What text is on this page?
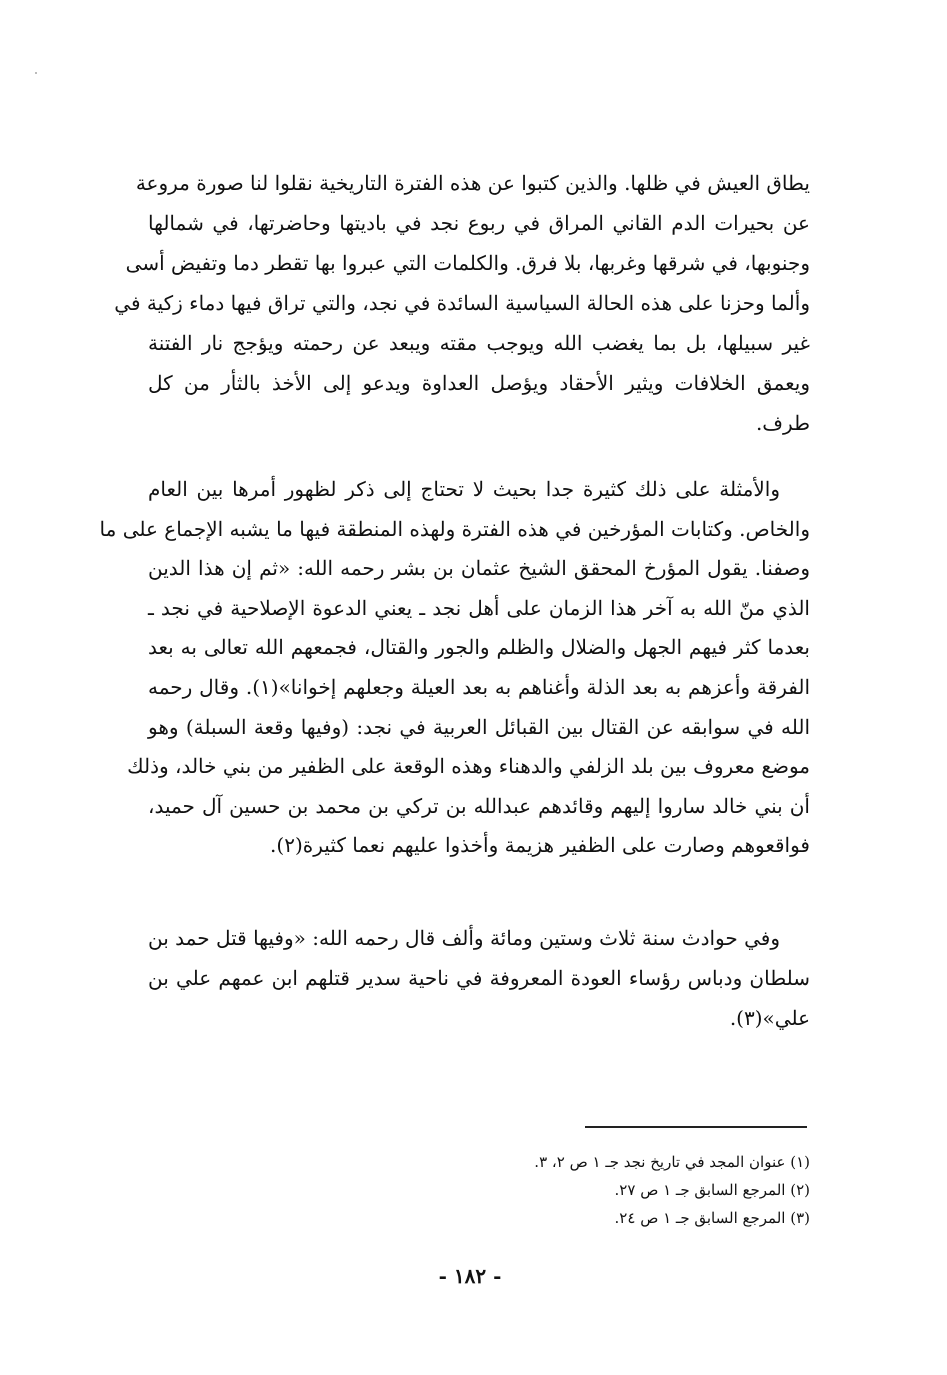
يطاق العيش في ظلها. والذين كتبوا عن هذه الفترة التاريخية نقلوا لنا صورة مروعة
عن بحيرات الدم القاني المراق في ربوع نجد في باديتها وحاضرتها، في شمالها
وجنوبها، في شرقها وغربها، بلا فرق. والكلمات التي عبروا بها تقطر دما وتفيض أسى
وألما وحزنا على هذه الحالة السياسية السائدة في نجد، والتي تراق فيها دماء زكية في
غير سبيلها، بل بما يغضب الله ويوجب مقته ويبعد عن رحمته ويؤجج نار الفتنة
ويعمق الخلافات ويثير الأحقاد ويؤصل العداوة ويدعو إلى الأخذ بالثأر من كل
طرف.
والأمثلة على ذلك كثيرة جدا بحيث لا تحتاج إلى ذكر لظهور أمرها بين العام
والخاص. وكتابات المؤرخين في هذه الفترة ولهذه المنطقة فيها ما يشبه الإجماع على ما
وصفنا. يقول المؤرخ المحقق الشيخ عثمان بن بشر رحمه الله: «ثم إن هذا الدين
الذي منّ الله به آخر هذا الزمان على أهل نجد ـ يعني الدعوة الإصلاحية في نجد ـ
بعدما كثر فيهم الجهل والضلال والظلم والجور والقتال، فجمعهم الله تعالى به بعد
الفرقة وأعزهم به بعد الذلة وأغناهم به بعد العيلة وجعلهم إخوانا»(١). وقال رحمه
الله في سوابقه عن القتال بين القبائل العربية في نجد: (وفيها وقعة السبلة) وهو
موضع معروف بين بلد الزلفي والدهناء وهذه الوقعة على الظفير من بني خالد، وذلك
أن بني خالد ساروا إليهم وقائدهم عبدالله بن تركي بن محمد بن حسين آل حميد،
فواقعوهم وصارت على الظفير هزيمة وأخذوا عليهم نعما كثيرة(٢).
وفي حوادث سنة ثلاث وستين ومائة وألف قال رحمه الله: «وفيها قتل حمد بن
سلطان ودباس رؤساء العودة المعروفة في ناحية سدير قتلهم ابن عمهم علي بن
علي»(٣).
(١) عنوان المجد في تاريخ نجد جـ ١ ص ٢، ٣.
(٢) المرجع السابق جـ ١ ص ٢٧.
(٣) المرجع السابق جـ ١ ص ٢٤.
- ١٨٢ -
